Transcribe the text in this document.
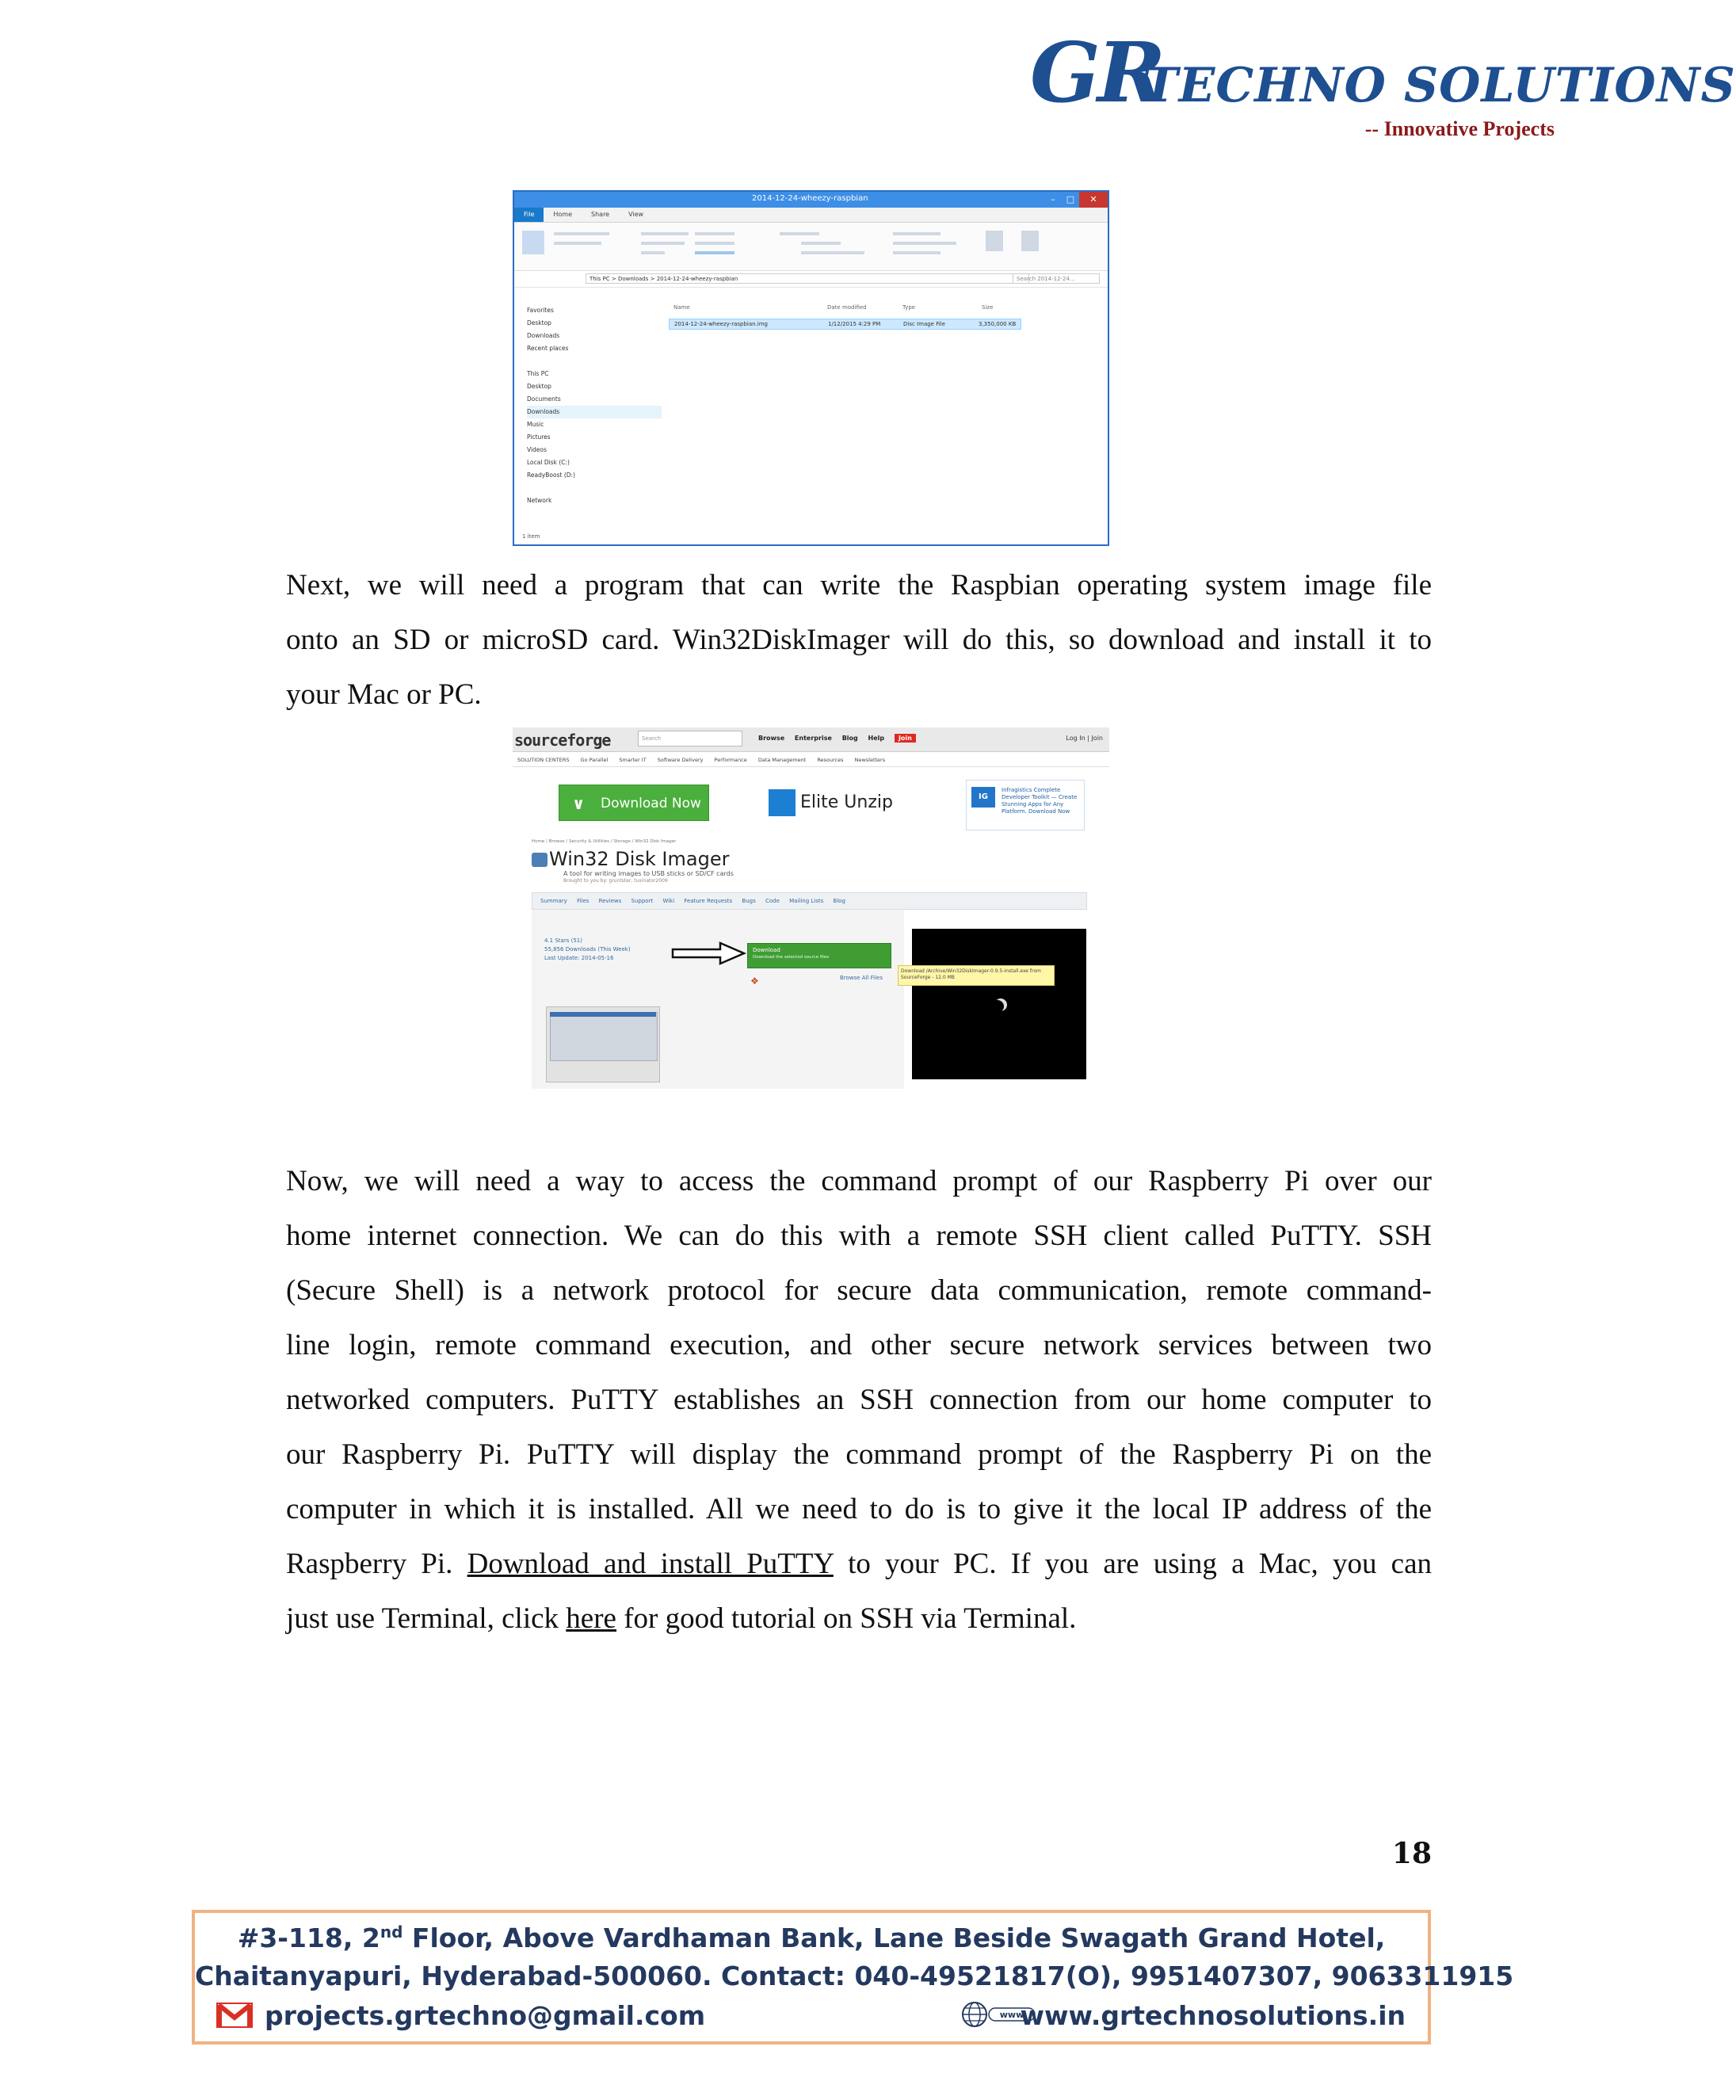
GR
TECHNO SOLUTIONS
-- Innovative Projects
2014-12-24-wheezy-raspbian	–	□	✕
File	Home	Share	View
This PC > Downloads > 2014-12-24-wheezy-raspbian	Search 2014-12-24...
Favorites
Desktop
Downloads
Recent places
This PC
Desktop
Documents
Downloads
Music
Pictures
Videos
Local Disk (C:)
ReadyBoost (D:)
Network
Name	Date modified	Type	Size
2014-12-24-wheezy-raspbian.img	1/12/2015 4:29 PM	Disc Image File	3,350,000 KB
1 item
Next, we will need a program that can write the Raspbian operating system image file
onto an SD or microSD card. Win32DiskImager will do this, so download and install it to
your Mac or PC.
sourceforge	Search	Browse Enterprise Blog Help Join	Log In | Join
SOLUTION CENTERS Go Parallel Smarter IT Software Delivery Performance Data Management Resources Newsletters
∨ Download Now	Elite Unzip	IG
Infragistics Complete Developer Toolkit — Create Stunning Apps for Any Platform. Download Now
Home / Browse / Security & Utilities / Storage / Win32 Disk Imager
Win32 Disk Imager
A tool for writing images to USB sticks or SD/CF cards
Brought to you by: gruntster, tuxinator2009
Summary Files Reviews Support Wiki Feature Requests Bugs Code Mailing Lists Blog
4.1 Stars (51)
55,856 Downloads (This Week)
Last Update: 2014-05-16
Download
Download the selected source files
❖	Browse All Files
Download /Archive/Win32DiskImager-0.9.5-install.exe from SourceForge - 12.0 MB
Now, we will need a way to access the command prompt of our Raspberry Pi over our
home internet connection. We can do this with a remote SSH client called PuTTY. SSH
(Secure Shell) is a network protocol for secure data communication, remote command-
line login, remote command execution, and other secure network services between two
networked computers. PuTTY establishes an SSH connection from our home computer to
our Raspberry Pi. PuTTY will display the command prompt of the Raspberry Pi on the
computer in which it is installed. All we need to do is to give it the local IP address of the
Raspberry Pi. Download and install PuTTY to your PC. If you are using a Mac, you can
just use Terminal, click here for good tutorial on SSH via Terminal.
18
#3-118, 2nd Floor, Above Vardhaman Bank, Lane Beside Swagath Grand Hotel,
Chaitanyapuri, Hyderabad-500060. Contact: 040-49521817(O), 9951407307, 9063311915
projects.grtechno@gmail.com	www
www.grtechnosolutions.in
